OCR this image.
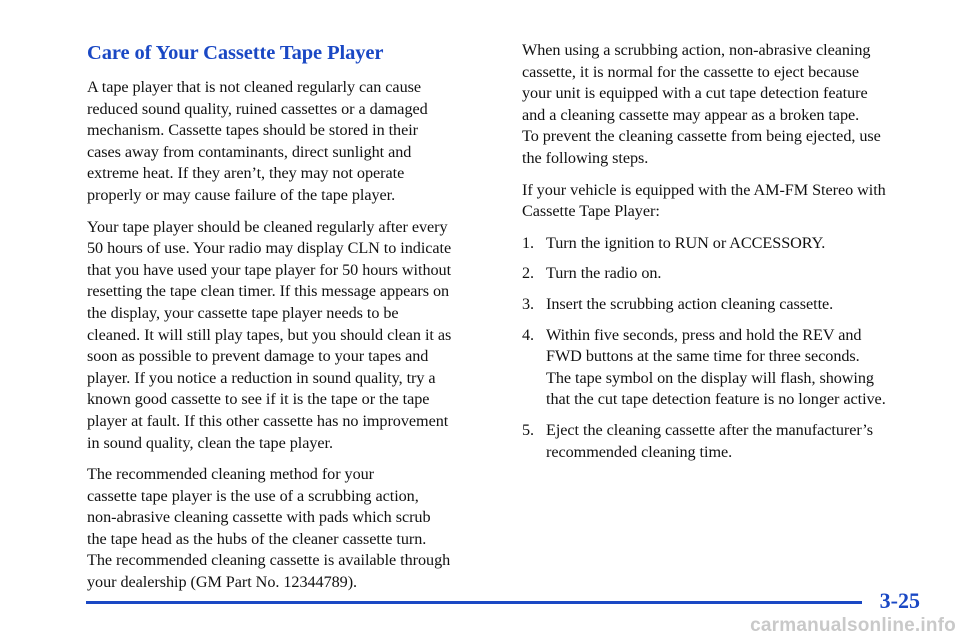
Care of Your Cassette Tape Player

A tape player that is not cleaned regularly can cause
reduced sound quality, ruined cassettes or a damaged
mechanism. Cassette tapes should be stored in their
cases away from contaminants, direct sunlight and
extreme heat. If they aren’t, they may not operate
properly or may cause failure of the tape player.

Your tape player should be cleaned regularly after every
50 hours of use. Your radio may display CLN to indicate
that you have used your tape player for 50 hours without
resetting the tape clean timer. If this message appears on
the display, your cassette tape player needs to be
cleaned. It will still play tapes, but you should clean it as
soon as possible to prevent damage to your tapes and
player. If you notice a reduction in sound quality, try a
known good cassette to see if it is the tape or the tape
player at fault. If this other cassette has no improvement
in sound quality, clean the tape player.

The recommended cleaning method for your
cassette tape player is the use of a scrubbing action,
non-abrasive cleaning cassette with pads which scrub
the tape head as the hubs of the cleaner cassette turn.
The recommended cleaning cassette is available through
your dealership (GM Part No. 12344789).

When using a scrubbing action, non-abrasive cleaning
cassette, it is normal for the cassette to eject because
your unit is equipped with a cut tape detection feature
and a cleaning cassette may appear as a broken tape.
To prevent the cleaning cassette from being ejected, use
the following steps.

If your vehicle is equipped with the AM-FM Stereo with
Cassette Tape Player:

1. Turn the ignition to RUN or ACCESSORY.
2. Turn the radio on.
3. Insert the scrubbing action cleaning cassette.
4. Within five seconds, press and hold the REV and
FWD buttons at the same time for three seconds.
The tape symbol on the display will flash, showing
that the cut tape detection feature is no longer active.
5. Eject the cleaning cassette after the manufacturer’s
recommended cleaning time.
3-25
carmanualsonline.info
